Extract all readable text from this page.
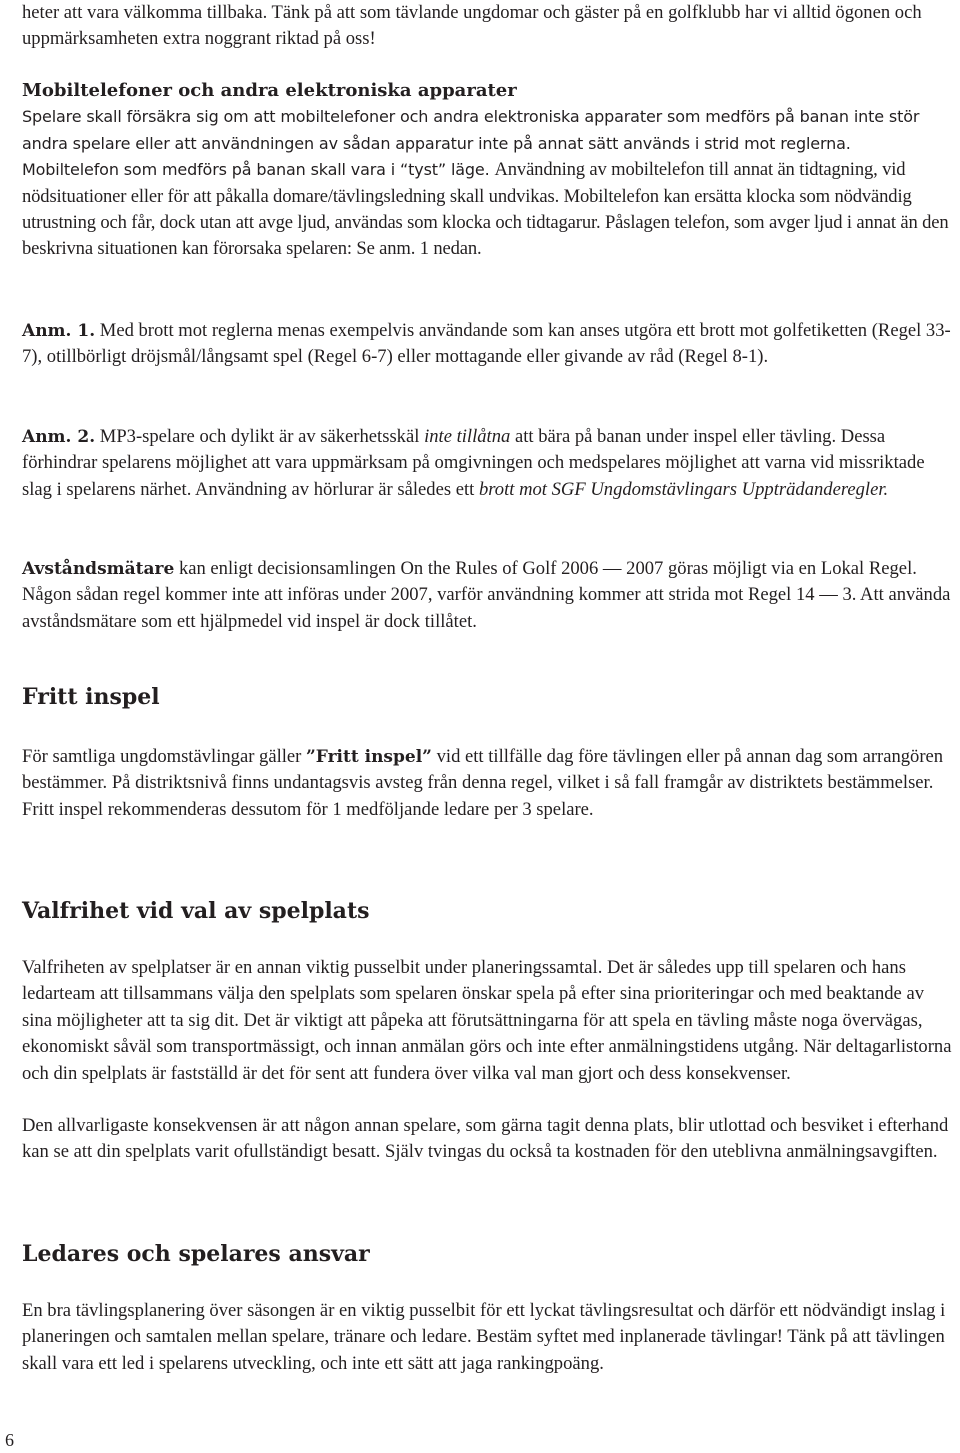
heter att vara välkomma tillbaka. Tänk på att som tävlande ungdomar och gäster på en golfklubb har vi alltid ögonen och uppmärksamheten extra noggrant riktad på oss!

Mobiltelefoner och andra elektroniska apparater

Spelare skall försäkra sig om att mobiltelefoner och andra elektroniska apparater som medförs på banan inte stör andra spelare eller att användningen av sådan apparatur inte på annat sätt används i strid mot reglerna. Mobiltelefon som medförs på banan skall vara i “tyst” läge. Användning av mobiltelefon till annat än tidtagning, vid nödsituationer eller för att påkalla domare/tävlingsledning skall undvikas. Mobiltelefon kan ersätta klocka som nödvändig utrustning och får, dock utan att avge ljud, användas som klocka och tidtagarur. Påslagen telefon, som avger ljud i annat än den beskrivna situationen kan förorsaka spelaren: Se anm. 1 nedan.

Anm. 1. Med brott mot reglerna menas exempelvis användande som kan anses utgöra ett brott mot golfetiketten (Regel 33-7), otillbörligt dröjsmål/långsamt spel (Regel 6-7) eller mottagande eller givande av råd (Regel 8-1).

Anm. 2. MP3-spelare och dylikt är av säkerhetsskäl inte tillåtna att bära på banan under inspel eller tävling. Dessa förhindrar spelarens möjlighet att vara uppmärksam på omgivningen och medspelares möjlighet att varna vid missriktade slag i spelarens närhet. Användning av hörlurar är således ett brott mot SGF Ungdomstävlingars Uppträdanderegler.

Avståndsmätare kan enligt decisionsamlingen On the Rules of Golf 2006 — 2007 göras möjligt via en Lokal Regel. Någon sådan regel kommer inte att införas under 2007, varför användning kommer att strida mot Regel 14 — 3. Att använda avståndsmätare som ett hjälpmedel vid inspel är dock tillåtet.

Fritt inspel

För samtliga ungdomstävlingar gäller ”Fritt inspel” vid ett tillfälle dag före tävlingen eller på annan dag som arrangören bestämmer. På distriktsnivå finns undantagsvis avsteg från denna regel, vilket i så fall framgår av distriktets bestämmelser. Fritt inspel rekommenderas dessutom för 1 medföljande ledare per 3 spelare.

Valfrihet vid val av spelplats

Valfriheten av spelplatser är en annan viktig pusselbit under planeringssamtal. Det är således upp till spelaren och hans ledarteam att tillsammans välja den spelplats som spelaren önskar spela på efter sina prioriteringar och med beaktande av sina möjligheter att ta sig dit. Det är viktigt att påpeka att förutsättningarna för att spela en tävling måste noga övervägas, ekonomiskt såväl som transportmässigt, och innan anmälan görs och inte efter anmälningstidens utgång. När deltagarlistorna och din spelplats är fastställd är det för sent att fundera över vilka val man gjort och dess konsekvenser.

Den allvarligaste konsekvensen är att någon annan spelare, som gärna tagit denna plats, blir utlottad och besviket i efterhand kan se att din spelplats varit ofullständigt besatt. Själv tvingas du också ta kostnaden för den uteblivna anmälningsavgiften.

Ledares och spelares ansvar

En bra tävlingsplanering över säsongen är en viktig pusselbit för ett lyckat tävlingsresultat och därför ett nödvändigt inslag i planeringen och samtalen mellan spelare, tränare och ledare. Bestäm syftet med inplanerade tävlingar! Tänk på att tävlingen skall vara ett led i spelarens utveckling, och inte ett sätt att jaga rankingpoäng.

6
